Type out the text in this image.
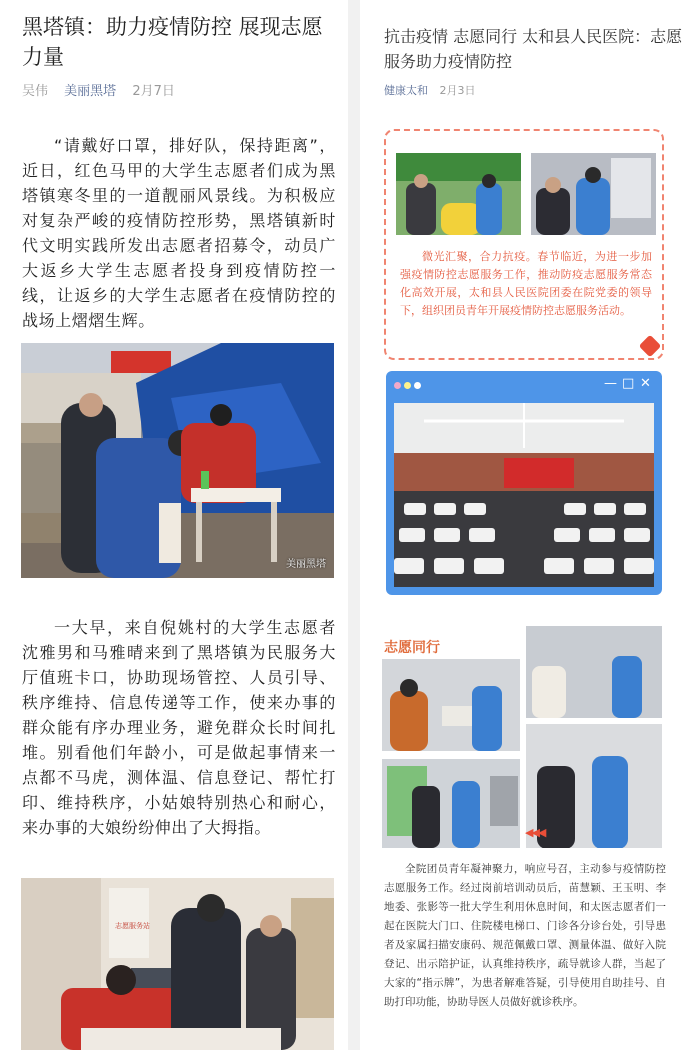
黑塔镇：助力疫情防控 展现志愿力量
吴伟 美丽黑塔 2月7日

“请戴好口罩，排好队，保持距离”，近日，红色马甲的大学生志愿者们成为黑塔镇寒冬里的一道靓丽风景线。为积极应对复杂严峻的疫情防控形势，黑塔镇新时代文明实践所发出志愿者招募令，动员广大返乡大学生志愿者投身到疫情防控一线，让返乡的大学生志愿者在疫情防控的战场上熠熠生辉。

美丽黑塔

一大早，来自倪姚村的大学生志愿者沈雅男和马雅晴来到了黑塔镇为民服务大厅值班卡口，协助现场管控、人员引导、秩序维持、信息传递等工作，使来办事的群众能有序办理业务，避免群众长时间扎堆。别看他们年龄小，可是做起事情来一点都不马虎，测体温、信息登记、帮忙打印、维持秩序，小姑娘特别热心和耐心，来办事的大娘纷纷伸出了大拇指。

志愿服务站
抗击疫情 志愿同行 太和县人民医院：志愿服务助力疫情防控
健康太和 2月3日

微光汇聚，合力抗疫。春节临近，为进一步加强疫情防控志愿服务工作，推动防疫志愿服务常态化高效开展，太和县人民医院团委在院党委的领导下，组织团员青年开展疫情防控志愿服务活动。

— □ ✕
志愿同行
◀◀◀

全院团员青年凝神聚力，响应号召，主动参与疫情防控志愿服务工作。经过岗前培训动员后，苗慧颖、王玉明、李地委、张影等一批大学生利用休息时间，和太医志愿者们一起在医院大门口、住院楼电梯口、门诊各分诊台处，引导患者及家属扫描安康码、规范佩戴口罩、测量体温、做好入院登记、出示陪护证，认真维持秩序，疏导就诊人群，当起了大家的“指示牌”，为患者解难答疑，引导使用自助挂号、自助打印功能，协助导医人员做好就诊秩序。
